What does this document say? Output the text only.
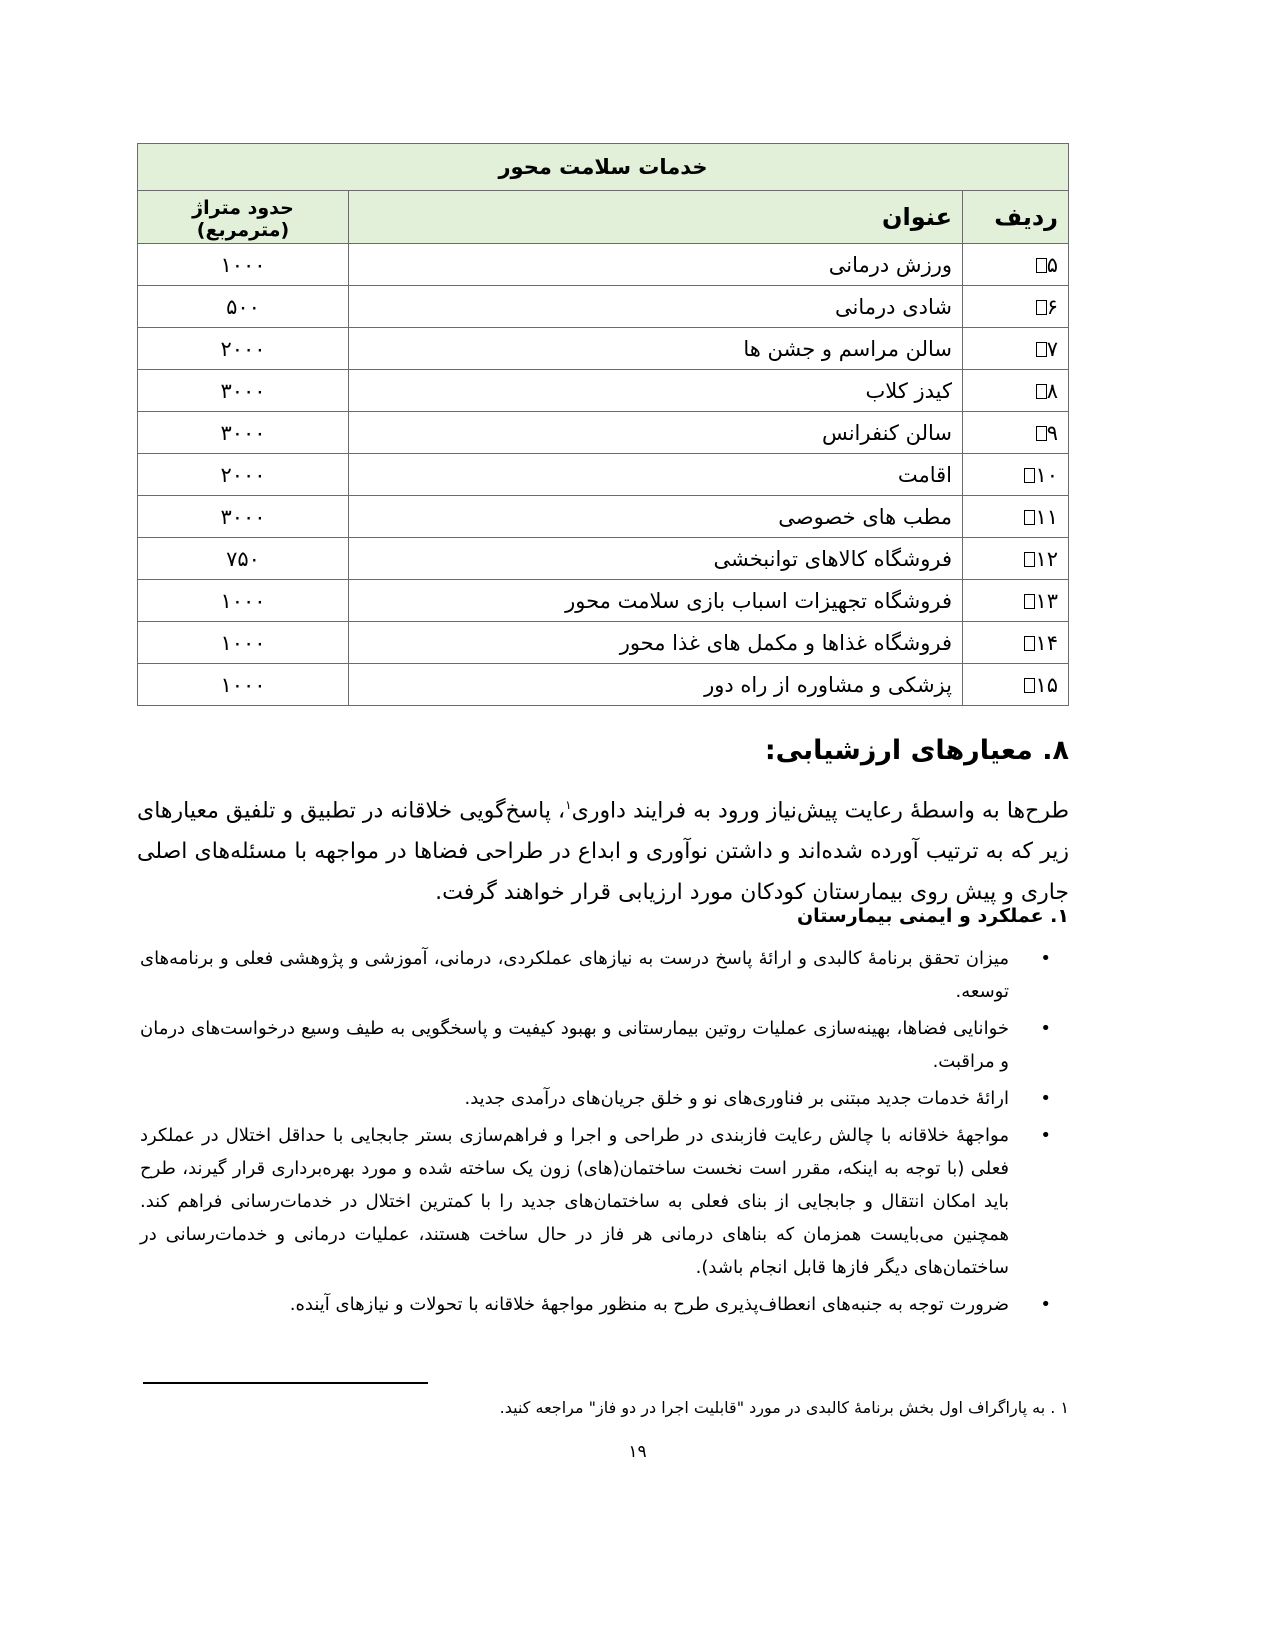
خدمات سلامت محور		
ردیف	عنوان	حدود متراژ (مترمربع)
۵	ورزش درمانی	۱۰۰۰
۶	شادی درمانی	۵۰۰
۷	سالن مراسم و جشن ها	۲۰۰۰
۸	کیدز کلاب	۳۰۰۰
۹	سالن کنفرانس	۳۰۰۰
۱۰	اقامت	۲۰۰۰
۱۱	مطب های خصوصی	۳۰۰۰
۱۲	فروشگاه کالاهای توانبخشی	۷۵۰
۱۳	فروشگاه تجهیزات اسباب بازی سلامت محور	۱۰۰۰
۱۴	فروشگاه غذاها و مکمل های غذا محور	۱۰۰۰
۱۵	پزشکی و مشاوره از راه دور	۱۰۰۰
۸. معیارهای ارزشیابی:
طرح‌ها به واسطهٔ رعایت پیش‌نیاز ورود به فرایند داوری$^۱$، پاسخ‌گویی خلاقانه در تطبیق و تلفیق معیارهای زیر که به ترتیب آورده شده‌اند و داشتن نوآوری و ابداع در طراحی فضاها در مواجهه با مسئله‌های اصلی جاری و پیش روی بیمارستان کودکان مورد ارزیابی قرار خواهند گرفت.
۱. عملکرد و ایمنی بیمارستان
•
میزان تحقق برنامهٔ کالبدی و ارائهٔ پاسخ درست به نیازهای عملکردی، درمانی، آموزشی و پژوهشی فعلی و برنامه‌های توسعه.
•
خوانایی فضاها، بهینه‌سازی عملیات روتین بیمارستانی و بهبود کیفیت و پاسخگویی به طیف وسیع درخواست‌های درمان و مراقبت.
•
ارائهٔ خدمات جدید مبتنی بر فناوری‌های نو و خلق جریان‌های درآمدی جدید.
•
مواجههٔ خلاقانه با چالش رعایت فازبندی در طراحی و اجرا و فراهم‌سازی بستر جابجایی با حداقل اختلال در عملکرد فعلی (با توجه به اینکه، مقرر است نخست ساختمان(های) زون یک ساخته شده و مورد بهره‌برداری قرار گیرند، طرح باید امکان انتقال و جابجایی از بنای فعلی به ساختمان‌های جدید را با کمترین اختلال در خدمات‌رسانی فراهم کند. همچنین می‌بایست همزمان که بناهای درمانی هر فاز در حال ساخت هستند، عملیات درمانی و خدمات‌رسانی در ساختمان‌های دیگر فازها قابل انجام باشد).
•
ضرورت توجه به جنبه‌های انعطاف‌پذیری طرح به منظور مواجههٔ خلاقانه با تحولات و نیازهای آینده.
۱ . به پاراگراف اول بخش برنامهٔ کالبدی در مورد "قابلیت اجرا در دو فاز" مراجعه کنید.
۱۹
